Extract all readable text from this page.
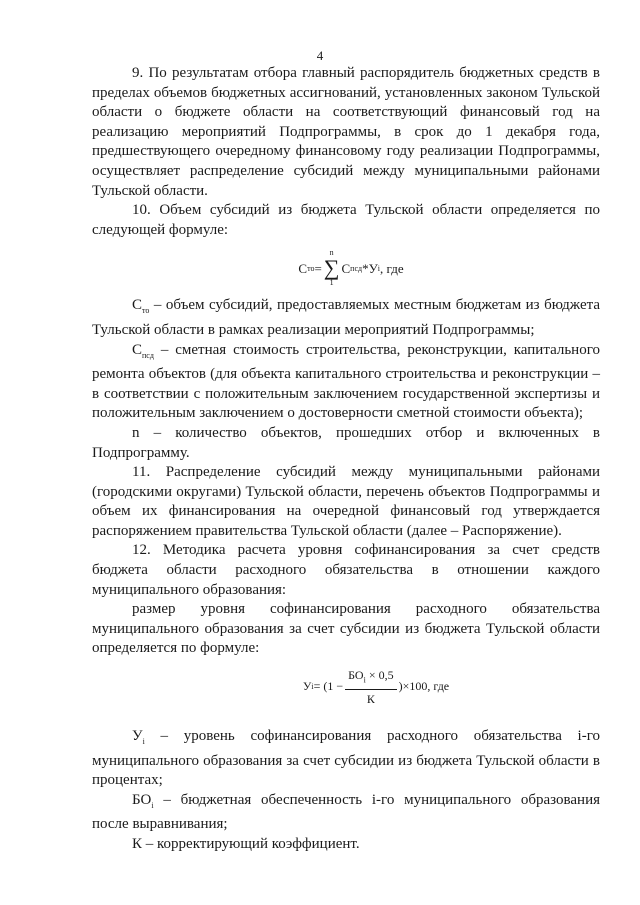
4

9. По результатам отбора главный распорядитель бюджетных средств в пределах объемов бюджетных ассигнований, установленных законом Тульской области о бюджете области на соответствующий финансовый год на реализацию мероприятий Подпрограммы, в срок до 1 декабря года, предшествующего очередному финансовому году реализации Подпрограммы, осуществляет распределение субсидий между муниципальными районами Тульской области.

10. Объем субсидий из бюджета Тульской области определяется по следующей формуле:

С то =
n
∑
1
С псд * У i , где

$С_{то}$ – объем субсидий, предоставляемых местным бюджетам из бюджета Тульской области в рамках реализации мероприятий Подпрограммы;

$С_{псд}$ – сметная стоимость строительства, реконструкции, капитального ремонта объектов (для объекта капитального строительства и реконструкции – в соответствии с положительным заключением государственной экспертизы и положительным заключением о достоверности сметной стоимости объекта);

n – количество объектов, прошедших отбор и включенных в Подпрограмму.

11. Распределение субсидий между муниципальными районами (городскими округами) Тульской области, перечень объектов Подпрограммы и объем их финансирования на очередной финансовый год утверждается распоряжением правительства Тульской области (далее – Распоряжение).

12. Методика расчета уровня софинансирования за счет средств бюджета области расходного обязательства в отношении каждого муниципального образования:

размер уровня софинансирования расходного обязательства муниципального образования за счет субсидии из бюджета Тульской области определяется по формуле:

У $i = (1 - \frac{БО_i \times 0,5}{К} )\times 100$, где

$У_i$ – уровень софинансирования расходного обязательства i-го муниципального образования за счет субсидии из бюджета Тульской области в процентах;

$БО_i$ – бюджетная обеспеченность i-го муниципального образования после выравнивания;

К – корректирующий коэффициент.
